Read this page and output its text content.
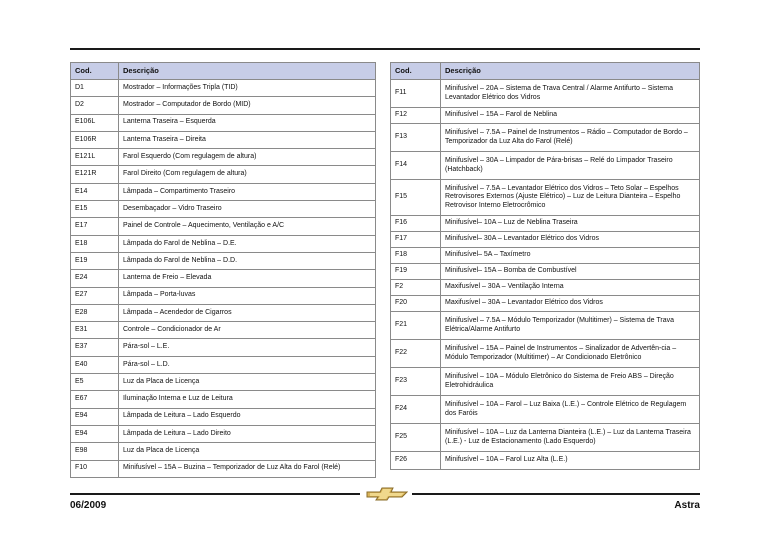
Cod.	Descrição
D1	Mostrador – Informações Tripla (TID)
D2	Mostrador – Computador de Bordo (MID)
E106L	Lanterna Traseira – Esquerda
E106R	Lanterna Traseira – Direita
E121L	Farol Esquerdo (Com regulagem de altura)
E121R	Farol Direito (Com regulagem de altura)
E14	Lâmpada – Compartimento Traseiro
E15	Desembaçador – Vidro Traseiro
E17	Painel de Controle – Aquecimento, Ventilação e A/C
E18	Lâmpada do Farol de Neblina – D.E.
E19	Lâmpada do Farol de Neblina – D.D.
E24	Lanterna de Freio – Elevada
E27	Lâmpada – Porta-luvas
E28	Lâmpada – Acendedor de Cigarros
E31	Controle – Condicionador de Ar
E37	Pára-sol – L.E.
E40	Pára-sol – L.D.
E5	Luz da Placa de Licença
E67	Iluminação Interna e Luz de Leitura
E94	Lâmpada de Leitura – Lado Esquerdo
E94	Lâmpada de Leitura – Lado Direito
E98	Luz da Placa de Licença
F10	Minifusível – 15A – Buzina – Temporizador de Luz Alta do Farol (Relé)
Cod.	Descrição
F11	Minifusível – 20A – Sistema de Trava Central / Alarme Antifurto – Sistema Levantador Elétrico dos Vidros
F12	Minifusível – 15A – Farol de Neblina
F13	Minifusível – 7.5A – Painel de Instrumentos – Rádio – Computador de Bordo – Temporizador da Luz Alta do Farol (Relé)
F14	Minifusível – 30A – Limpador de Pára-brisas – Relé do Limpador Traseiro (Hatchback)
F15	Minifusível – 7.5A – Levantador Elétrico dos Vidros – Teto Solar – Espelhos Retrovisores Externos (Ajuste Elétrico) – Luz de Leitura Dianteira – Espelho Retrovisor Interno Eletrocrômico
F16	Minifusível– 10A – Luz de Neblina Traseira
F17	Minifusível– 30A – Levantador Elétrico dos Vidros
F18	Minifusível– 5A – Taxímetro
F19	Minifusível– 15A – Bomba de Combustível
F2	Maxifusível – 30A – Ventilação Interna
F20	Maxifusível – 30A – Levantador Elétrico dos Vidros
F21	Minifusível – 7.5A – Módulo Temporizador (Multitimer) – Sistema de Trava Elétrica/Alarme Antifurto
F22	Minifusível – 15A – Painel de Instrumentos – Sinalizador de Advertên-cia – Módulo Temporizador (Multitimer) – Ar Condicionado Eletrônico
F23	Minifusível – 10A – Módulo Eletrônico do Sistema de Freio ABS – Direção Eletrohidráulica
F24	Minifusível – 10A – Farol – Luz Baixa (L.E.) – Controle Elétrico de Regulagem dos Faróis
F25	Minifusível – 10A – Luz da Lanterna Dianteira (L.E.) – Luz da Lanterna Traseira (L.E.) - Luz de Estacionamento (Lado Esquerdo)
F26	Minifusível – 10A – Farol Luz Alta (L.E.)
06/2009	Astra
